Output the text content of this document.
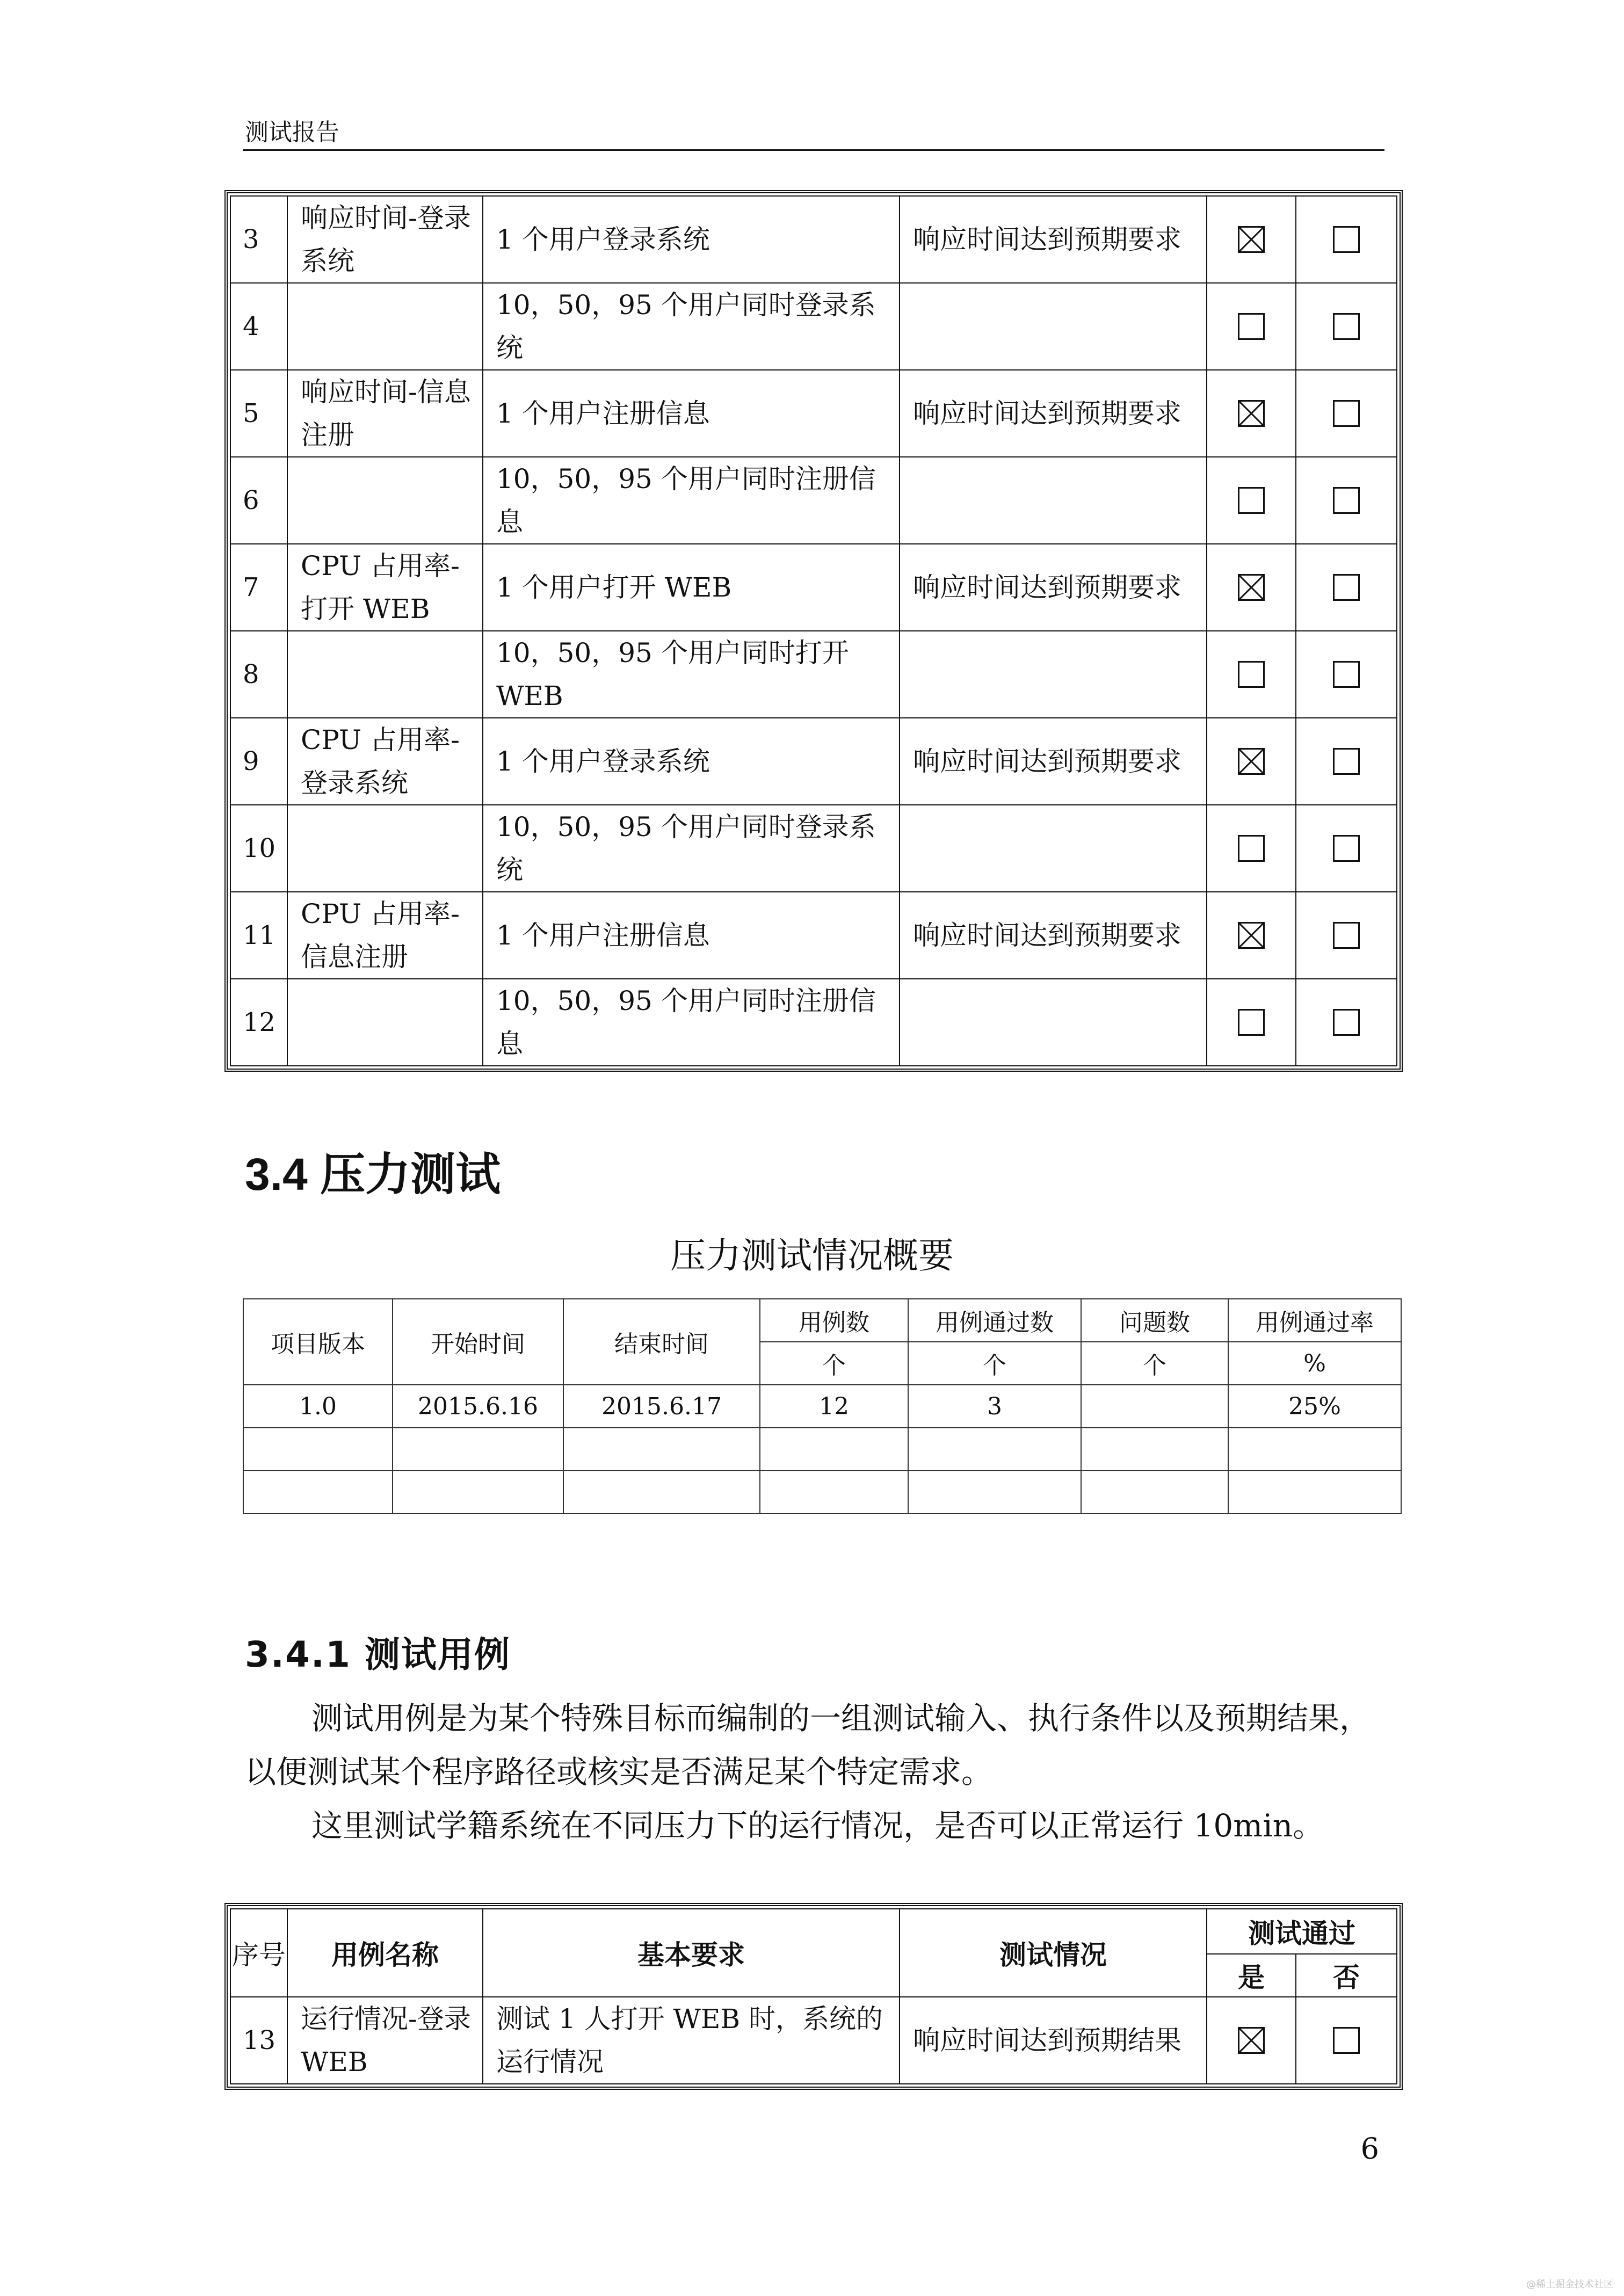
测试报告
3	响应时间-登录系统	1 个用户登录系统	响应时间达到预期要求		
4		10，50，95 个用户同时登录系统			
5	响应时间-信息注册	1 个用户注册信息	响应时间达到预期要求		
6		10，50，95 个用户同时注册信息			
7	CPU 占用率-打开 WEB	1 个用户打开 WEB	响应时间达到预期要求		
8		10，50，95 个用户同时打开 WEB			
9	CPU 占用率-登录系统	1 个用户登录系统	响应时间达到预期要求		
10		10，50，95 个用户同时登录系统			
11	CPU 占用率-信息注册	1 个用户注册信息	响应时间达到预期要求		
12		10，50，95 个用户同时注册信息			
3.4 压力测试
压力测试情况概要
项目版本	开始时间	结束时间	用例数	用例通过数	问题数	用例通过率
			个	个	个	%
1.0	2015.6.16	2015.6.17	12	3		25%

3.4.1 测试用例
测试用例是为某个特殊目标而编制的一组测试输入、执行条件以及预期结果，以便测试某个程序路径或核实是否满足某个特定需求。
这里测试学籍系统在不同压力下的运行情况，是否可以正常运行 10min。
序号	用例名称	基本要求	测试情况	测试通过	
				是	否
13	运行情况-登录 WEB	测试 1 人打开 WEB 时，系统的运行情况	响应时间达到预期结果		
6
@稀土掘金技术社区
